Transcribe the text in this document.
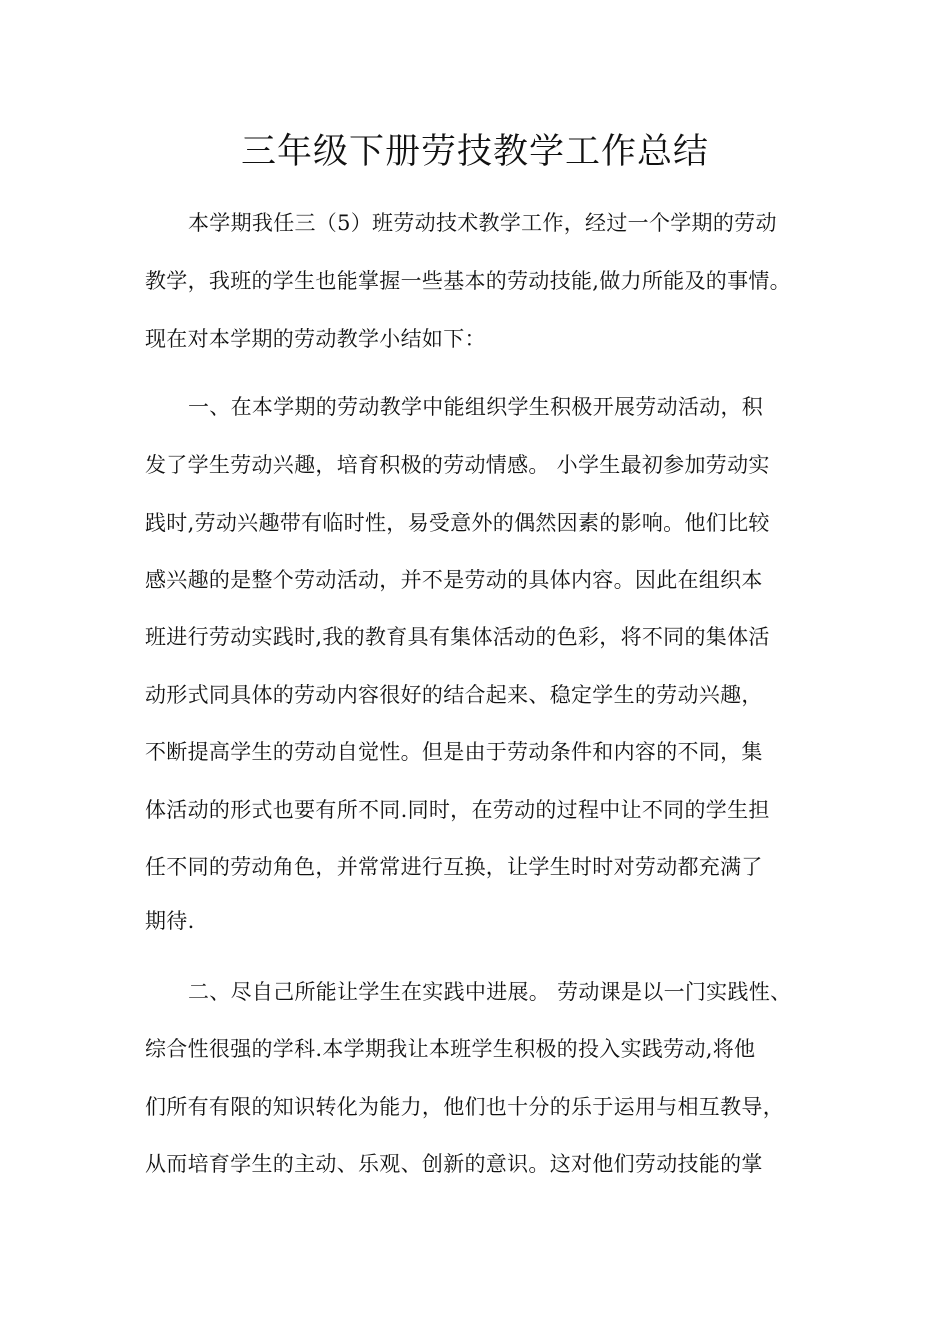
三年级下册劳技教学工作总结

本学期我任三（5）班劳动技术教学工作，经过一个学期的劳动

教学，我班的学生也能掌握一些基本的劳动技能,做力所能及的事情。

现在对本学期的劳动教学小结如下：

一、在本学期的劳动教学中能组织学生积极开展劳动活动，积

发了学生劳动兴趣，培育积极的劳动情感。 小学生最初参加劳动实

践时,劳动兴趣带有临时性，易受意外的偶然因素的影响。他们比较

感兴趣的是整个劳动活动，并不是劳动的具体内容。因此在组织本

班进行劳动实践时,我的教育具有集体活动的色彩，将不同的集体活

动形式同具体的劳动内容很好的结合起来、稳定学生的劳动兴趣，

不断提高学生的劳动自觉性。但是由于劳动条件和内容的不同，集

体活动的形式也要有所不同.同时，在劳动的过程中让不同的学生担

任不同的劳动角色，并常常进行互换，让学生时时对劳动都充满了

期待.

二、尽自己所能让学生在实践中进展。 劳动课是以一门实践性、

综合性很强的学科.本学期我让本班学生积极的投入实践劳动,将他

们所有有限的知识转化为能力，他们也十分的乐于运用与相互教导，

从而培育学生的主动、乐观、创新的意识。这对他们劳动技能的掌
